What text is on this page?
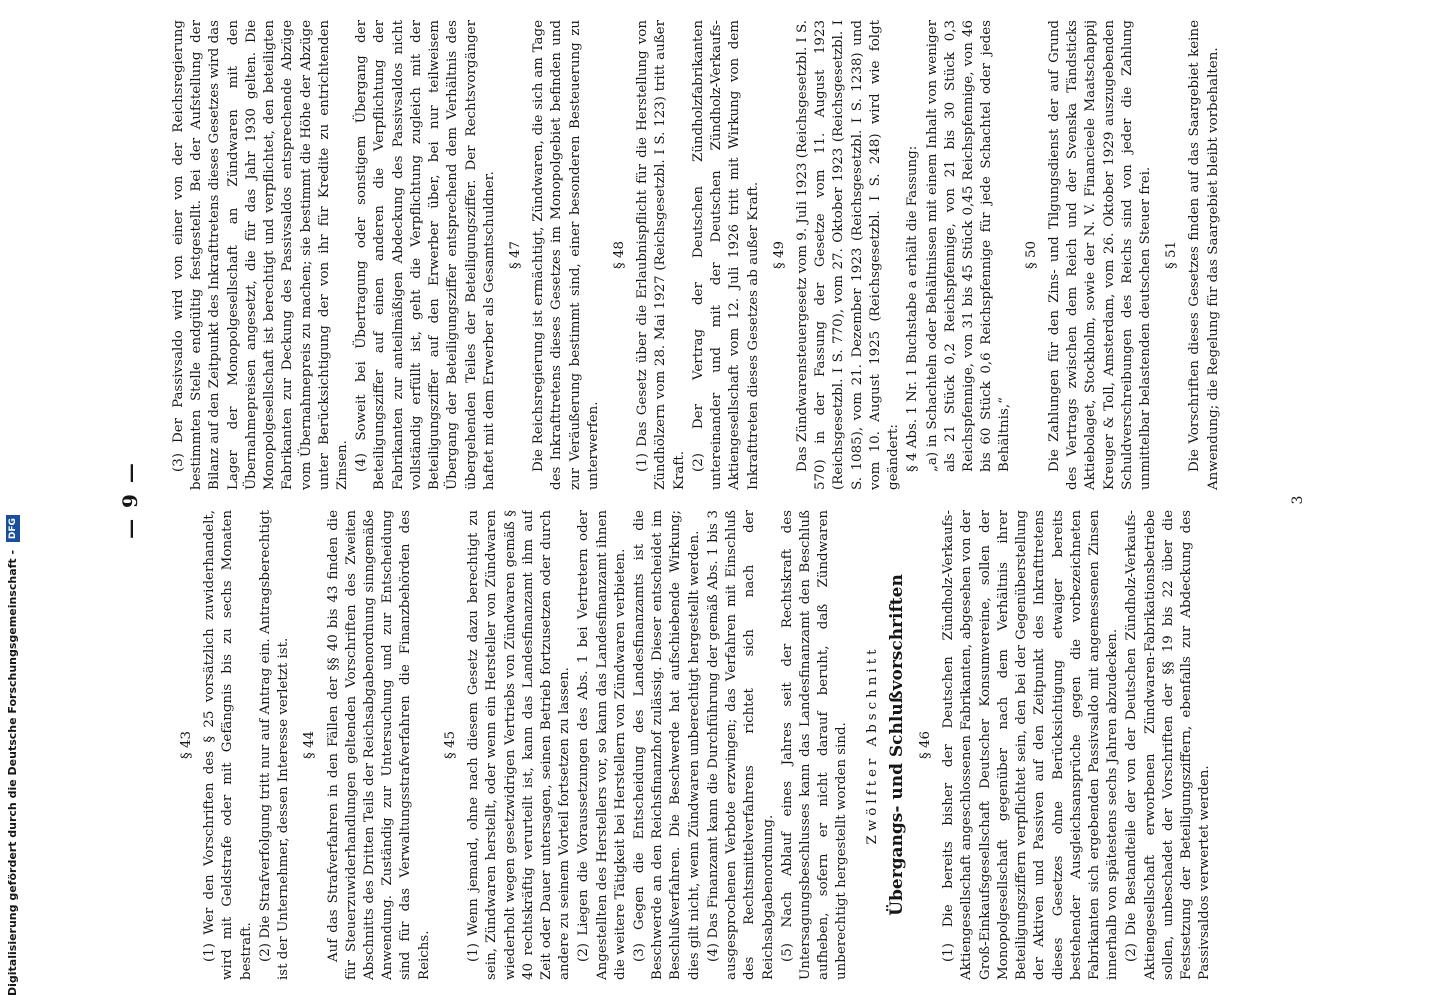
— 9 —
§ 43 (1) Wer den Vorschriften des § 25 vorsätzlich zuwiderhandelt, wird mit Geldstrafe oder mit Gefängnis bis zu sechs Monaten bestraft. (2) Die Strafverfolgung tritt nur auf Antrag ein. Antragsberechtigt ist der Unternehmer, dessen Interesse verletzt ist. § 44 Auf das Strafverfahren in den Fällen der §§ 40 bis 43 finden die für Steuerzuwiderhandlungen geltenden Vorschriften des Zweiten Abschnitts des Dritten Teils der Reichsabgabenordnung sinngemäße Anwendung. Zuständig zur Untersuchung und zur Entscheidung sind für das Verwaltungsstrafverfahren die Finanzbehörden des Reichs.
§ 45 (1) Wenn jemand, ohne nach diesem Gesetz dazu berechtigt zu sein, Zündwaren herstellt, oder wenn ein Hersteller von Zündwaren wiederholt wegen gesetzwidrigen Vertriebs von Zündwaren gemäß § 40 rechtskräftig verurteilt ist, kann das Landesfinanzamt ihm auf Zeit oder Dauer untersagen, seinen Betrieb fortzusetzen oder durch andere zu seinem Vorteil fortsetzen zu lassen. (2) Liegen die Voraussetzungen des Abs. 1 bei Vertretern oder Angestellten des Herstellers vor, so kann das Landesfinanzamt ihnen die weitere Tätigkeit bei Herstellern von Zündwaren verbieten. (3) Gegen die Entscheidung des Landesfinanzamts ist die Beschwerde an den Reichsfinanzhof zulässig. Dieser entscheidet im Beschlußverfahren. Die Beschwerde hat aufschiebende Wirkung; dies gilt nicht, wenn Zündwaren unberechtigt hergestellt werden. (4) Das Finanzamt kann die Durchführung der gemäß Abs. 1 bis 3 ausgesprochenen Verbote erzwingen; das Verfahren mit Einschluß des Rechtsmittelverfahrens richtet sich nach der Reichsabgabenordnung. (5) Nach Ablauf eines Jahres seit der Rechtskraft des Untersagungsbeschlusses kann das Landesfinanzamt den Beschluß aufheben, sofern er nicht darauf beruht, daß Zündwaren unberechtigt hergestellt worden sind. Zwölfter Abschnitt Übergangs- und Schlußvorschriften § 46 (1) Die bereits bisher der Deutschen Zündholz-Verkaufs-Aktiengesellschaft angeschlossenen Fabrikanten, abgesehen von der Groß-Einkaufsgesellschaft Deutscher Konsumvereine, sollen der Monopolgesellschaft gegenüber nach dem Verhältnis ihrer Beteiligungsziffern verpflichtet sein, den bei der Gegenüberstellung der Aktiven und Passiven auf den Zeitpunkt des Inkrafttretens dieses Gesetzes ohne Berücksichtigung etwaiger bereits bestehender Ausgleichsansprüche gegen die vorbezeichneten Fabrikanten sich ergebenden Passivsaldo mit angemessenen Zinsen innerhalb von spätestens sechs Jahren abzudecken. (2) Die Bestandteile der von der Deutschen Zündholz-Verkaufs-Aktiengesellschaft erworbenen Zündwaren-Fabrikationsbetriebe sollen, unbeschadet der Vorschriften der §§ 19 bis 22 über die Festsetzung der Beteiligungsziffern, ebenfalls zur Abdeckung des Passivsaldos verwertet werden.
(3) Der Passivsaldo wird von einer von der Reichsregierung bestimmten Stelle endgültig festgestellt. Bei der Aufstellung der Bilanz auf den Zeitpunkt des Inkrafttretens dieses Gesetzes wird das Lager der Monopolgesellschaft an Zündwaren mit den Übernahmepreisen angesetzt, die für das Jahr 1930 gelten. Die Monopolgesellschaft ist berechtigt und verpflichtet, den beteiligten Fabrikanten zur Deckung des Passivsaldos entsprechende Abzüge vom Übernahmepreis zu machen; sie bestimmt die Höhe der Abzüge unter Berücksichtigung der von ihr für Kredite zu entrichtenden Zinsen. (4) Soweit bei Übertragung oder sonstigem Übergang der Beteiligungsziffer auf einen anderen die Verpflichtung der Fabrikanten zur anteilmäßigen Abdeckung des Passivsaldos nicht vollständig erfüllt ist, geht die Verpflichtung zugleich mit der Beteiligungsziffer auf den Erwerber über, bei nur teilweisem Übergang der Beteiligungsziffer entsprechend dem Verhältnis des übergehenden Teiles der Beteiligungsziffer. Der Rechtsvorgänger haftet mit dem Erwerber als Gesamtschuldner. § 47 Die Reichsregierung ist ermächtigt, Zündwaren, die sich am Tage des Inkrafttretens dieses Gesetzes im Monopolgebiet befinden und zur Veräußerung bestimmt sind, einer besonderen Besteuerung zu unterwerfen.
§ 48 (1) Das Gesetz über die Erlaubnispflicht für die Herstellung von Zündhölzern vom 28. Mai 1927 (Reichsgesetzbl. I S. 123) tritt außer Kraft. (2) Der Vertrag der Deutschen Zündholzfabrikanten untereinander und mit der Deutschen Zündholz-Verkaufs-Aktiengesellschaft vom 12. Juli 1926 tritt mit Wirkung von dem Inkrafttreten dieses Gesetzes ab außer Kraft. § 49 Das Zündwarensteuergesetz vom 9. Juli 1923 (Reichsgesetzbl. I S. 570) in der Fassung der Gesetze vom 11. August 1923 (Reichsgesetzbl. I S. 770), vom 27. Oktober 1923 (Reichsgesetzbl. I S. 1085), vom 21. Dezember 1923 (Reichsgesetzbl. I S. 1238) und vom 10. August 1925 (Reichsgesetzbl. I S. 248) wird wie folgt geändert: § 4 Abs. 1 Nr. 1 Buchstabe a erhält die Fassung: „a) in Schachteln oder Behältnissen mit einem Inhalt von weniger als 21 Stück 0,2 Reichspfennige, von 21 bis 30 Stück 0,3 Reichspfennige, von 31 bis 45 Stück 0,45 Reichspfennige, von 46 bis 60 Stück 0,6 Reichspfennige für jede Schachtel oder jedes Behältnis,“
§ 50 Die Zahlungen für den Zins- und Tilgungsdienst der auf Grund des Vertrags zwischen dem Reich und der Svenska Tändsticks Aktiebolaget, Stockholm, sowie der N. V. Financieele Maatschappij Kreuger & Toll, Amsterdam, vom 26. Oktober 1929 auszugebenden Schuldverschreibungen des Reichs sind von jeder die Zahlung unmittelbar belastenden deutschen Steuer frei. § 51 Die Vorschriften dieses Gesetzes finden auf das Saargebiet keine Anwendung; die Regelung für das Saargebiet bleibt vorbehalten.
3
Digitalisierung gefördert durch die Deutsche Forschungsgemeinschaft - DFG
